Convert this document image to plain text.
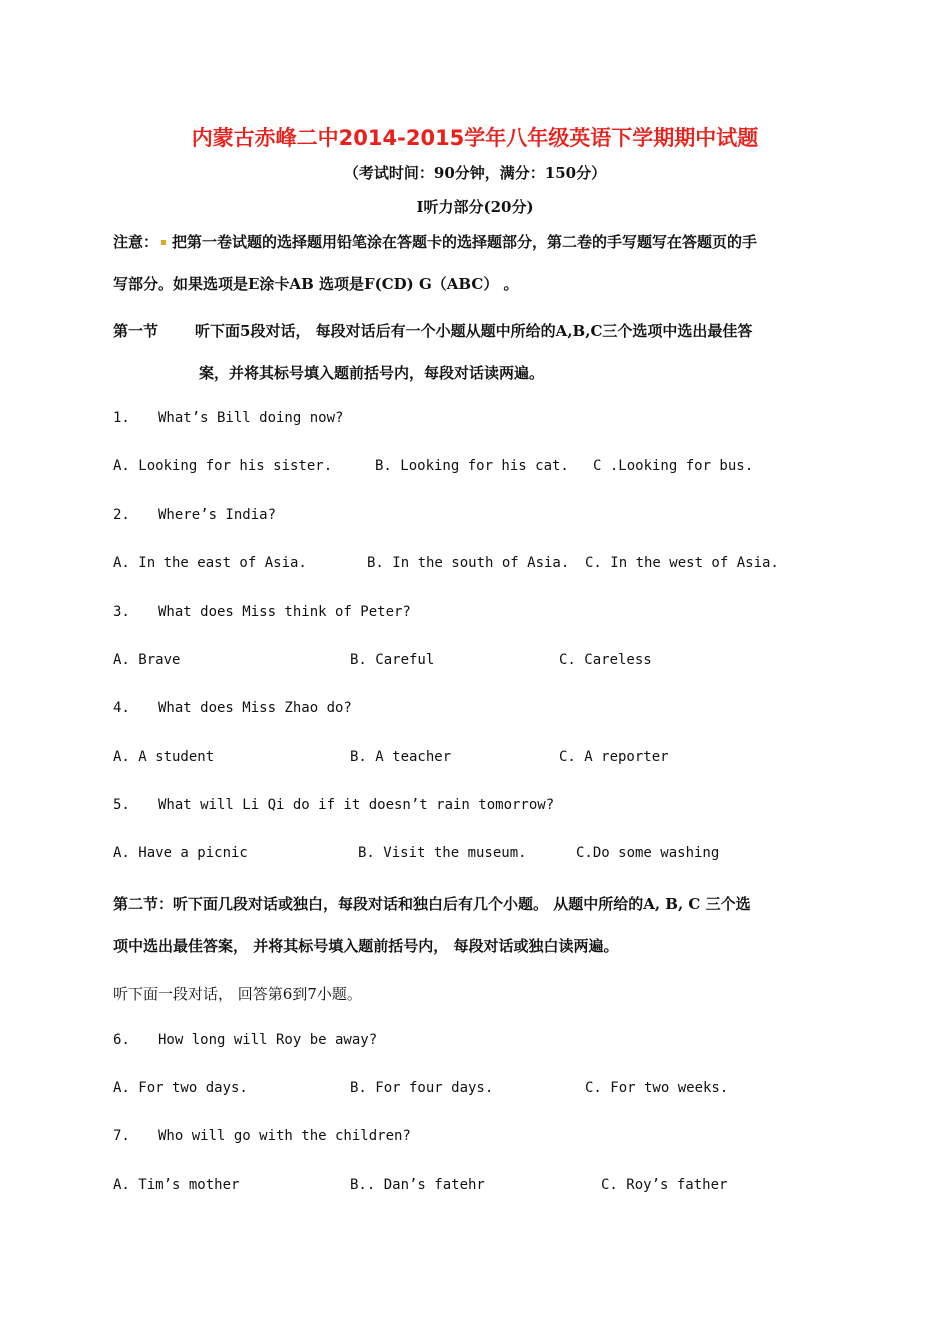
内蒙古赤峰二中2014-2015学年八年级英语下学期期中试题
（考试时间：90分钟，满分：150分）
I听力部分(20分)
注意： 把第一卷试题的选择题用铅笔涂在答题卡的选择题部分，第二卷的手写题写在答题页的手
写部分。如果选项是E涂卡AB 选项是F(CD) G（ABC） 。
第一节 听下面5段对话， 每段对话后有一个小题从题中所给的A,B,C三个选项中选出最佳答
案，并将其标号填入题前括号内，每段对话读两遍。
1. What’s Bill doing now?
A. Looking for his sister.	B. Looking for his cat. C .Looking for bus.
2. Where’s India?
A. In the east of Asia.	B. In the south of Asia. C. In the west of Asia.
3. What does Miss think of Peter?
A. Brave	B. Careful	C. Careless
4. What does Miss Zhao do?
A. A student	B. A teacher	C. A reporter
5. What will Li Qi do if it doesn’t rain tomorrow?
A. Have a picnic	B. Visit the museum.	C.Do some washing
第二节：听下面几段对话或独白，每段对话和独白后有几个小题。 从题中所给的A, B, C 三个选
项中选出最佳答案， 并将其标号填入题前括号内， 每段对话或独白读两遍。
听下面一段对话， 回答第6到7小题。
6. How long will Roy be away?
A. For two days.	B. For four days.	C. For two weeks.
7. Who will go with the children?
A. Tim’s mother	B.. Dan’s fatehr	C. Roy’s father
